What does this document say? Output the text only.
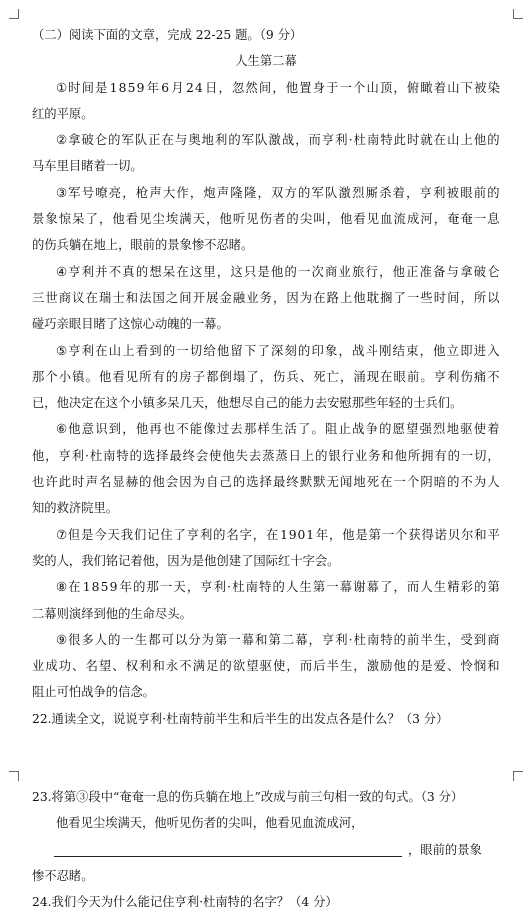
（二）阅读下面的文章，完成 22-25 题。（9 分）
人生第二幕
① 时 间 是 1 8 5 9 年 6 月 2 4 日 ， 忽 然 间 ， 他 置 身 于 一 个 山 顶 ， 俯 瞰 着 山 下 被 染
红的平原。
② 拿 破 仑 的 军 队 正 在 与 奥 地 利 的 军 队 激 战 ， 而 亨 利 · 杜 南 特 此 时 就 在 山 上 他 的
马车里目睹着一切。
③ 军 号 嘹 亮 ， 枪 声 大 作 ， 炮 声 隆 隆 ， 双 方 的 军 队 激 烈 厮 杀 着 ， 亨 利 被 眼 前 的
景 象 惊 呆 了 ， 他 看 见 尘 埃 满 天 ， 他 听 见 伤 者 的 尖 叫 ， 他 看 见 血 流 成 河 ， 奄 奄 一 息
的伤兵躺在地上，眼前的景象惨不忍睹。
④ 亨 利 并 不 真 的 想 呆 在 这 里 ， 这 只 是 他 的 一 次 商 业 旅 行 ， 他 正 准 备 与 拿 破 仑
三 世 商 议 在 瑞 士 和 法 国 之 间 开 展 金 融 业 务 ， 因 为 在 路 上 他 耽 搁 了 一 些 时 间 ， 所 以
碰巧亲眼目睹了这惊心动魄的一幕。
⑤ 亨 利 在 山 上 看 到 的 一 切 给 他 留 下 了 深 刻 的 印 象 ， 战 斗 刚 结 束 ， 他 立 即 进 入
那 个 小 镇 。 他 看 见 所 有 的 房 子 都 倒 塌 了 ， 伤 兵 、 死 亡 ， 涌 现 在 眼 前 。 亨 利 伤 痛 不
已，他决定在这个小镇多呆几天，他想尽自己的能力去安慰那些年轻的士兵们。
⑥ 他 意 识 到 ， 他 再 也 不 能 像 过 去 那 样 生 活 了 。 阻 止 战 争 的 愿 望 强 烈 地 驱 使 着
他 ， 亨 利 · 杜 南 特 的 选 择 最 终 会 使 他 失 去 蒸 蒸 日 上 的 银 行 业 务 和 他 所 拥 有 的 一 切 ，
也 许 此 时 声 名 显 赫 的 他 会 因 为 自 己 的 选 择 最 终 默 默 无 闻 地 死 在 一 个 阴 暗 的 不 为 人
知的救济院里。
⑦ 但 是 今 天 我 们 记 住 了 亨 利 的 名 字 ， 在 1 9 0 1 年 ， 他 是 第 一 个 获 得 诺 贝 尔 和 平
奖的人，我们铭记着他，因为是他创建了国际红十字会。
⑧ 在 1 8 5 9 年 的 那 一 天 ， 亨 利 · 杜 南 特 的 人 生 第 一 幕 谢 幕 了 ， 而 人 生 精 彩 的 第
二幕则演绎到他的生命尽头。
⑨ 很 多 人 的 一 生 都 可 以 分 为 第 一 幕 和 第 二 幕 ， 亨 利 · 杜 南 特 的 前 半 生 ， 受 到 商
业 成 功 、 名 望 、 权 利 和 永 不 满 足 的 欲 望 驱 使 ， 而 后 半 生 ， 激 励 他 的 是 爱 、 怜 悯 和
阻止可怕战争的信念。
22.通读全文，说说亨利·杜南特前半生和后半生的出发点各是什么？（3 分）
23.将第③段中“奄奄一息的伤兵躺在地上”改成与前三句相一致的句式。（3 分）
他看见尘埃满天，他听见伤者的尖叫，他看见血流成河，
，眼前的景象
惨不忍睹。
24.我们今天为什么能记住亨利·杜南特的名字？（4 分）
